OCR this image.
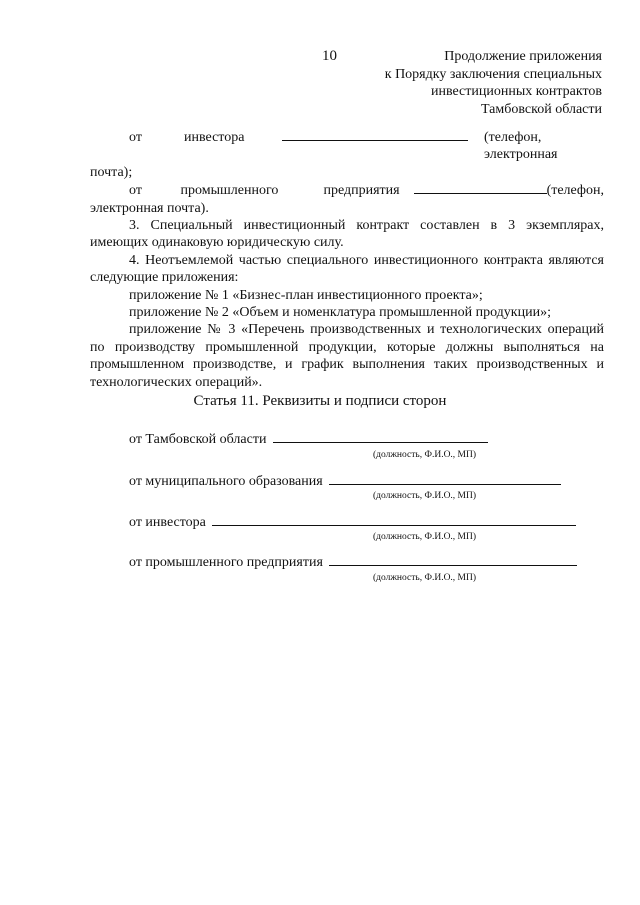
10	Продолжение приложения
к Порядку заключения специальных
инвестиционных контрактов
Тамбовской области
от	инвестора	(телефон, электронная
почта);
от	промышленного предприятия	(телефон,
электронная почта).

3. Специальный инвестиционный контракт составлен в 3 экземплярах, имеющих одинаковую юридическую силу.

4. Неотъемлемой частью специального инвестиционного контракта являются следующие приложения:

приложение № 1 «Бизнес-план инвестиционного проекта»;

приложение № 2 «Объем и номенклатура промышленной продукции»;

приложение № 3 «Перечень производственных и технологических операций по производству промышленной продукции, которые должны выполняться на промышленном производстве, и график выполнения таких производственных и технологических операций».

Статья 11. Реквизиты и подписи сторон
от Тамбовской области
(должность, Ф.И.О., МП)
от муниципального образования
(должность, Ф.И.О., МП)
от инвестора
(должность, Ф.И.О., МП)
от промышленного предприятия
(должность, Ф.И.О., МП)
